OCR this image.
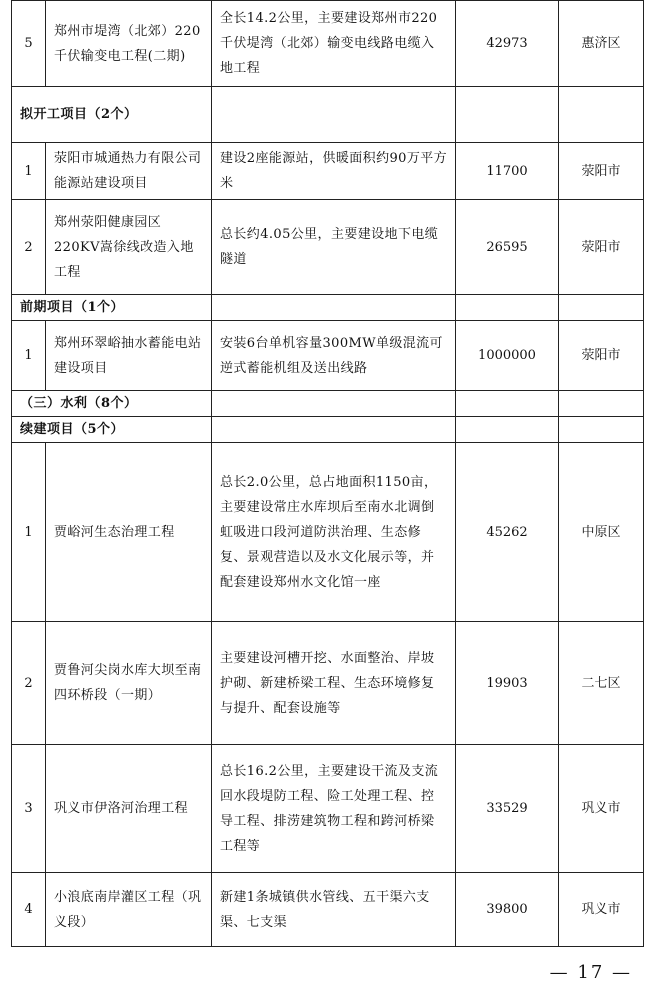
5	郑州市堤湾（北郊）220千伏输变电工程(二期)	全长14.2公里，主要建设郑州市220千伏堤湾（北郊）输变电线路电缆入地工程	42973	惠济区
拟开工项目（2个）				
1	荥阳市城通热力有限公司能源站建设项目	建设2座能源站，供暖面积约90万平方米	11700	荥阳市
2	郑州荥阳健康园区220KV嵩徐线改造入地工程	总长约4.05公里，主要建设地下电缆隧道	26595	荥阳市
前期项目（1个）				
1	郑州环翠峪抽水蓄能电站建设项目	安装6台单机容量300MW单级混流可逆式蓄能机组及送出线路	1000000	荥阳市
（三）水利（8个）				
续建项目（5个）				
1	贾峪河生态治理工程	总长2.0公里，总占地面积1150亩，主要建设常庄水库坝后至南水北调倒虹吸进口段河道防洪治理、生态修复、景观营造以及水文化展示等，并配套建设郑州水文化馆一座	45262	中原区
2	贾鲁河尖岗水库大坝至南四环桥段（一期）	主要建设河槽开挖、水面整治、岸坡护砌、新建桥梁工程、生态环境修复与提升、配套设施等	19903	二七区
3	巩义市伊洛河治理工程	总长16.2公里，主要建设干流及支流回水段堤防工程、险工处理工程、控导工程、排涝建筑物工程和跨河桥梁工程等	33529	巩义市
4	小浪底南岸灌区工程（巩义段）	新建1条城镇供水管线、五干渠六支渠、七支渠	39800	巩义市
— 17 —
